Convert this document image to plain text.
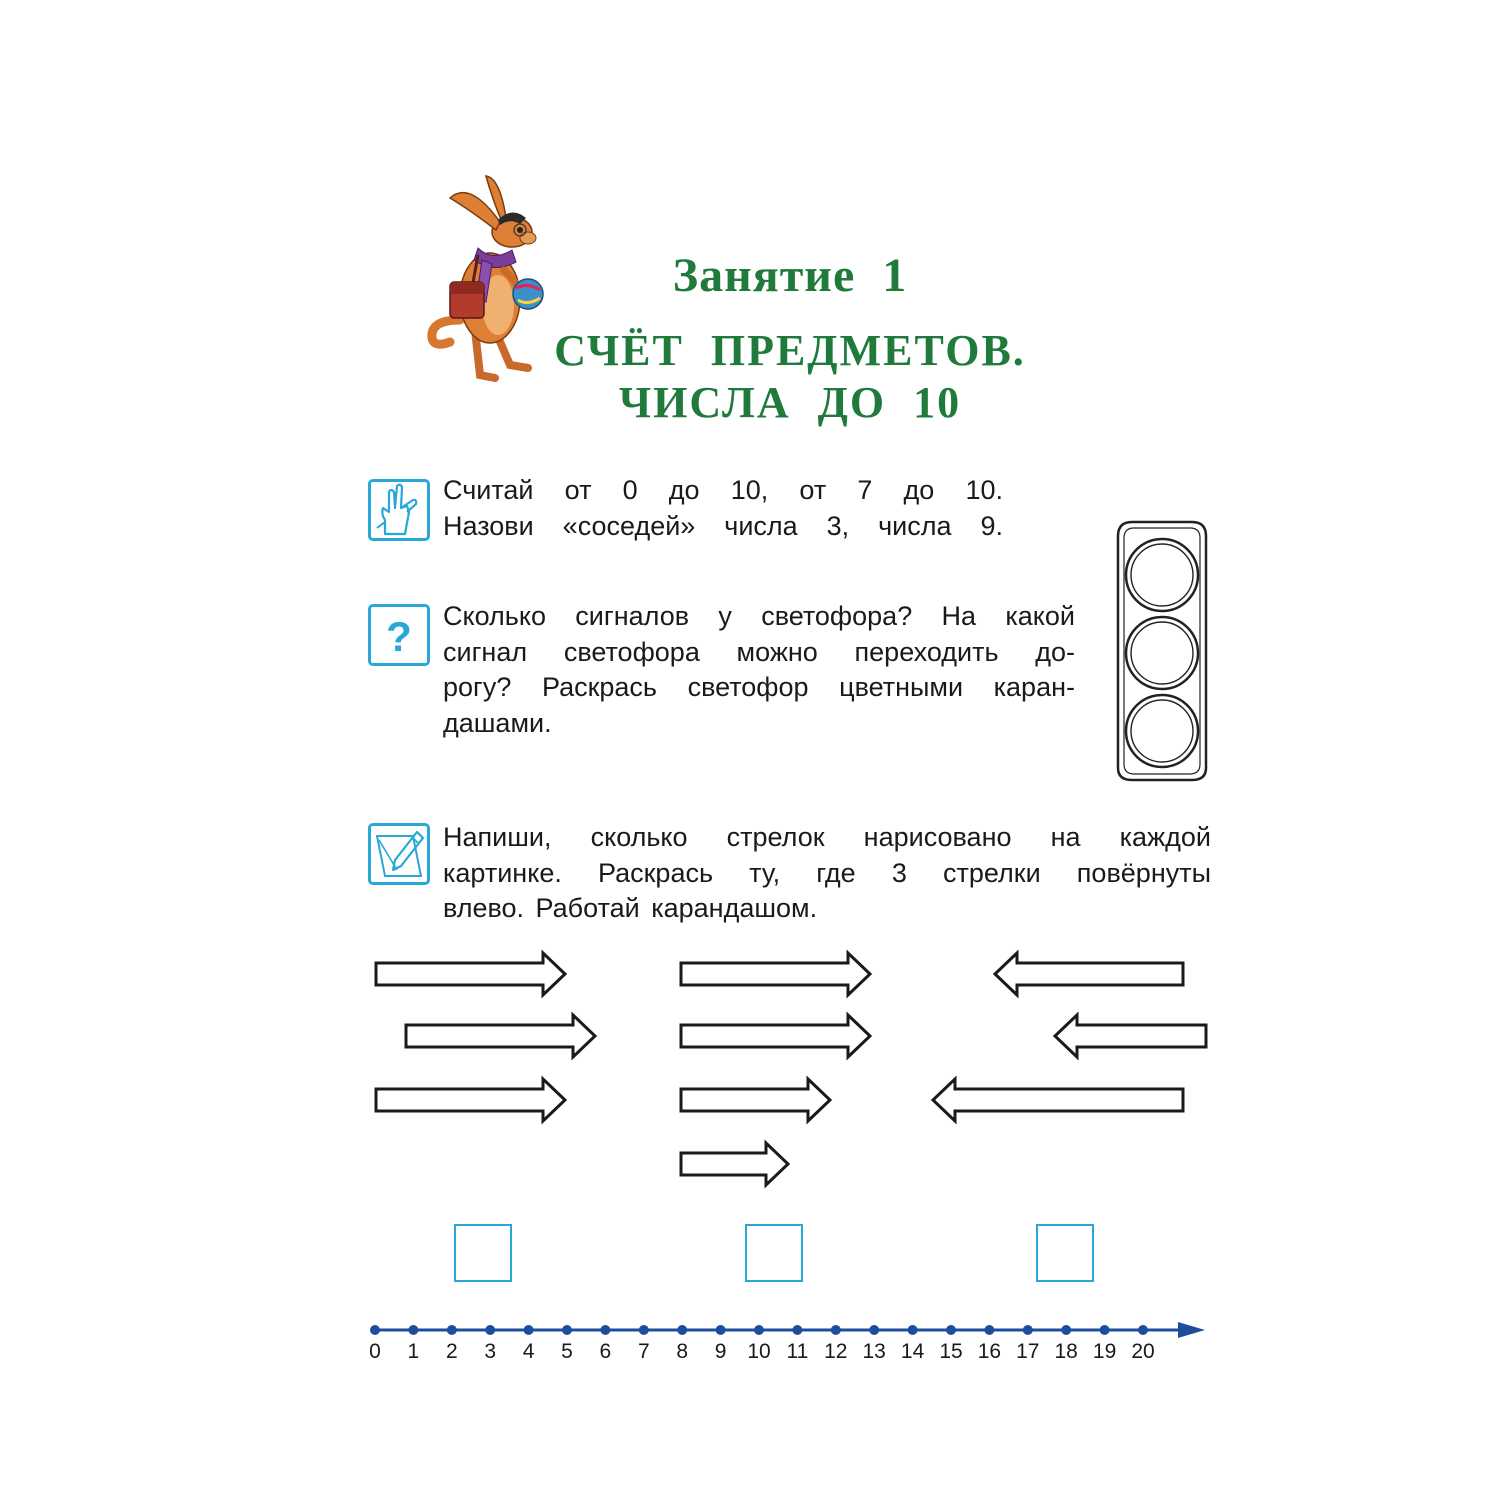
Занятие 1
СЧЁТ ПРЕДМЕТОВ.
ЧИСЛА ДО 10
Считай от 0 до 10, от 7 до 10.
Назови «соседей» числа 3, числа 9.
? Сколько сигналов у светофора? На какой
сигнал светофора можно переходить до-
рогу? Раскрась светофор цветными каран-
дашами.
Напиши, сколько стрелок нарисовано на каждой
картинке. Раскрась ту, где 3 стрелки повёрнуты
влево. Работай карандашом.
0	1	2	3	4	5	6	7	8	9 10 11 12 13 14 15 16 17 18 19 20
